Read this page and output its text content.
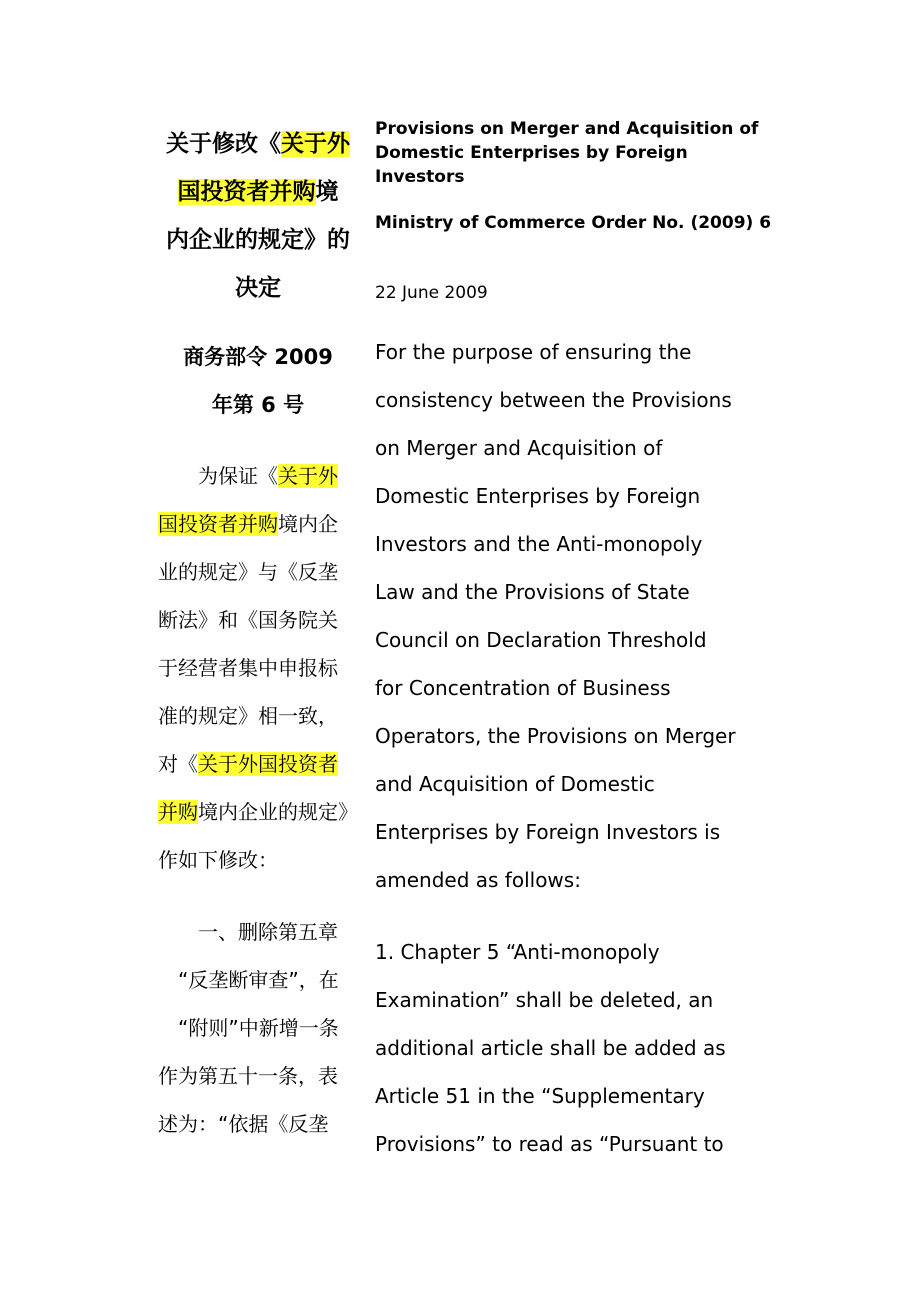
关于修改《关于外
国投资者并购境
内企业的规定》的
决定
商务部令 2009
年第 6 号
　　为保证《关于外
国投资者并购境内企
业的规定》与《反垄
断法》和《国务院关
于经营者集中申报标
准的规定》相一致，
对《关于外国投资者
并购境内企业的规定》
作如下修改：
　　一、删除第五章
　“反垄断审查”，在
　“附则”中新增一条
作为第五十一条，表
述为：“依据《反垄
Provisions on Merger and Acquisition of Domestic Enterprises by Foreign Investors
Ministry of Commerce Order No. (2009) 6
22 June 2009
For the purpose of ensuring the
consistency between the Provisions
on Merger and Acquisition of
Domestic Enterprises by Foreign
Investors and the Anti-monopoly
Law and the Provisions of State
Council on Declaration Threshold
for Concentration of Business
Operators, the Provisions on Merger
and Acquisition of Domestic
Enterprises by Foreign Investors is
amended as follows:
1. Chapter 5 “Anti-monopoly
Examination” shall be deleted, an
additional article shall be added as
Article 51 in the “Supplementary
Provisions” to read as “Pursuant to
